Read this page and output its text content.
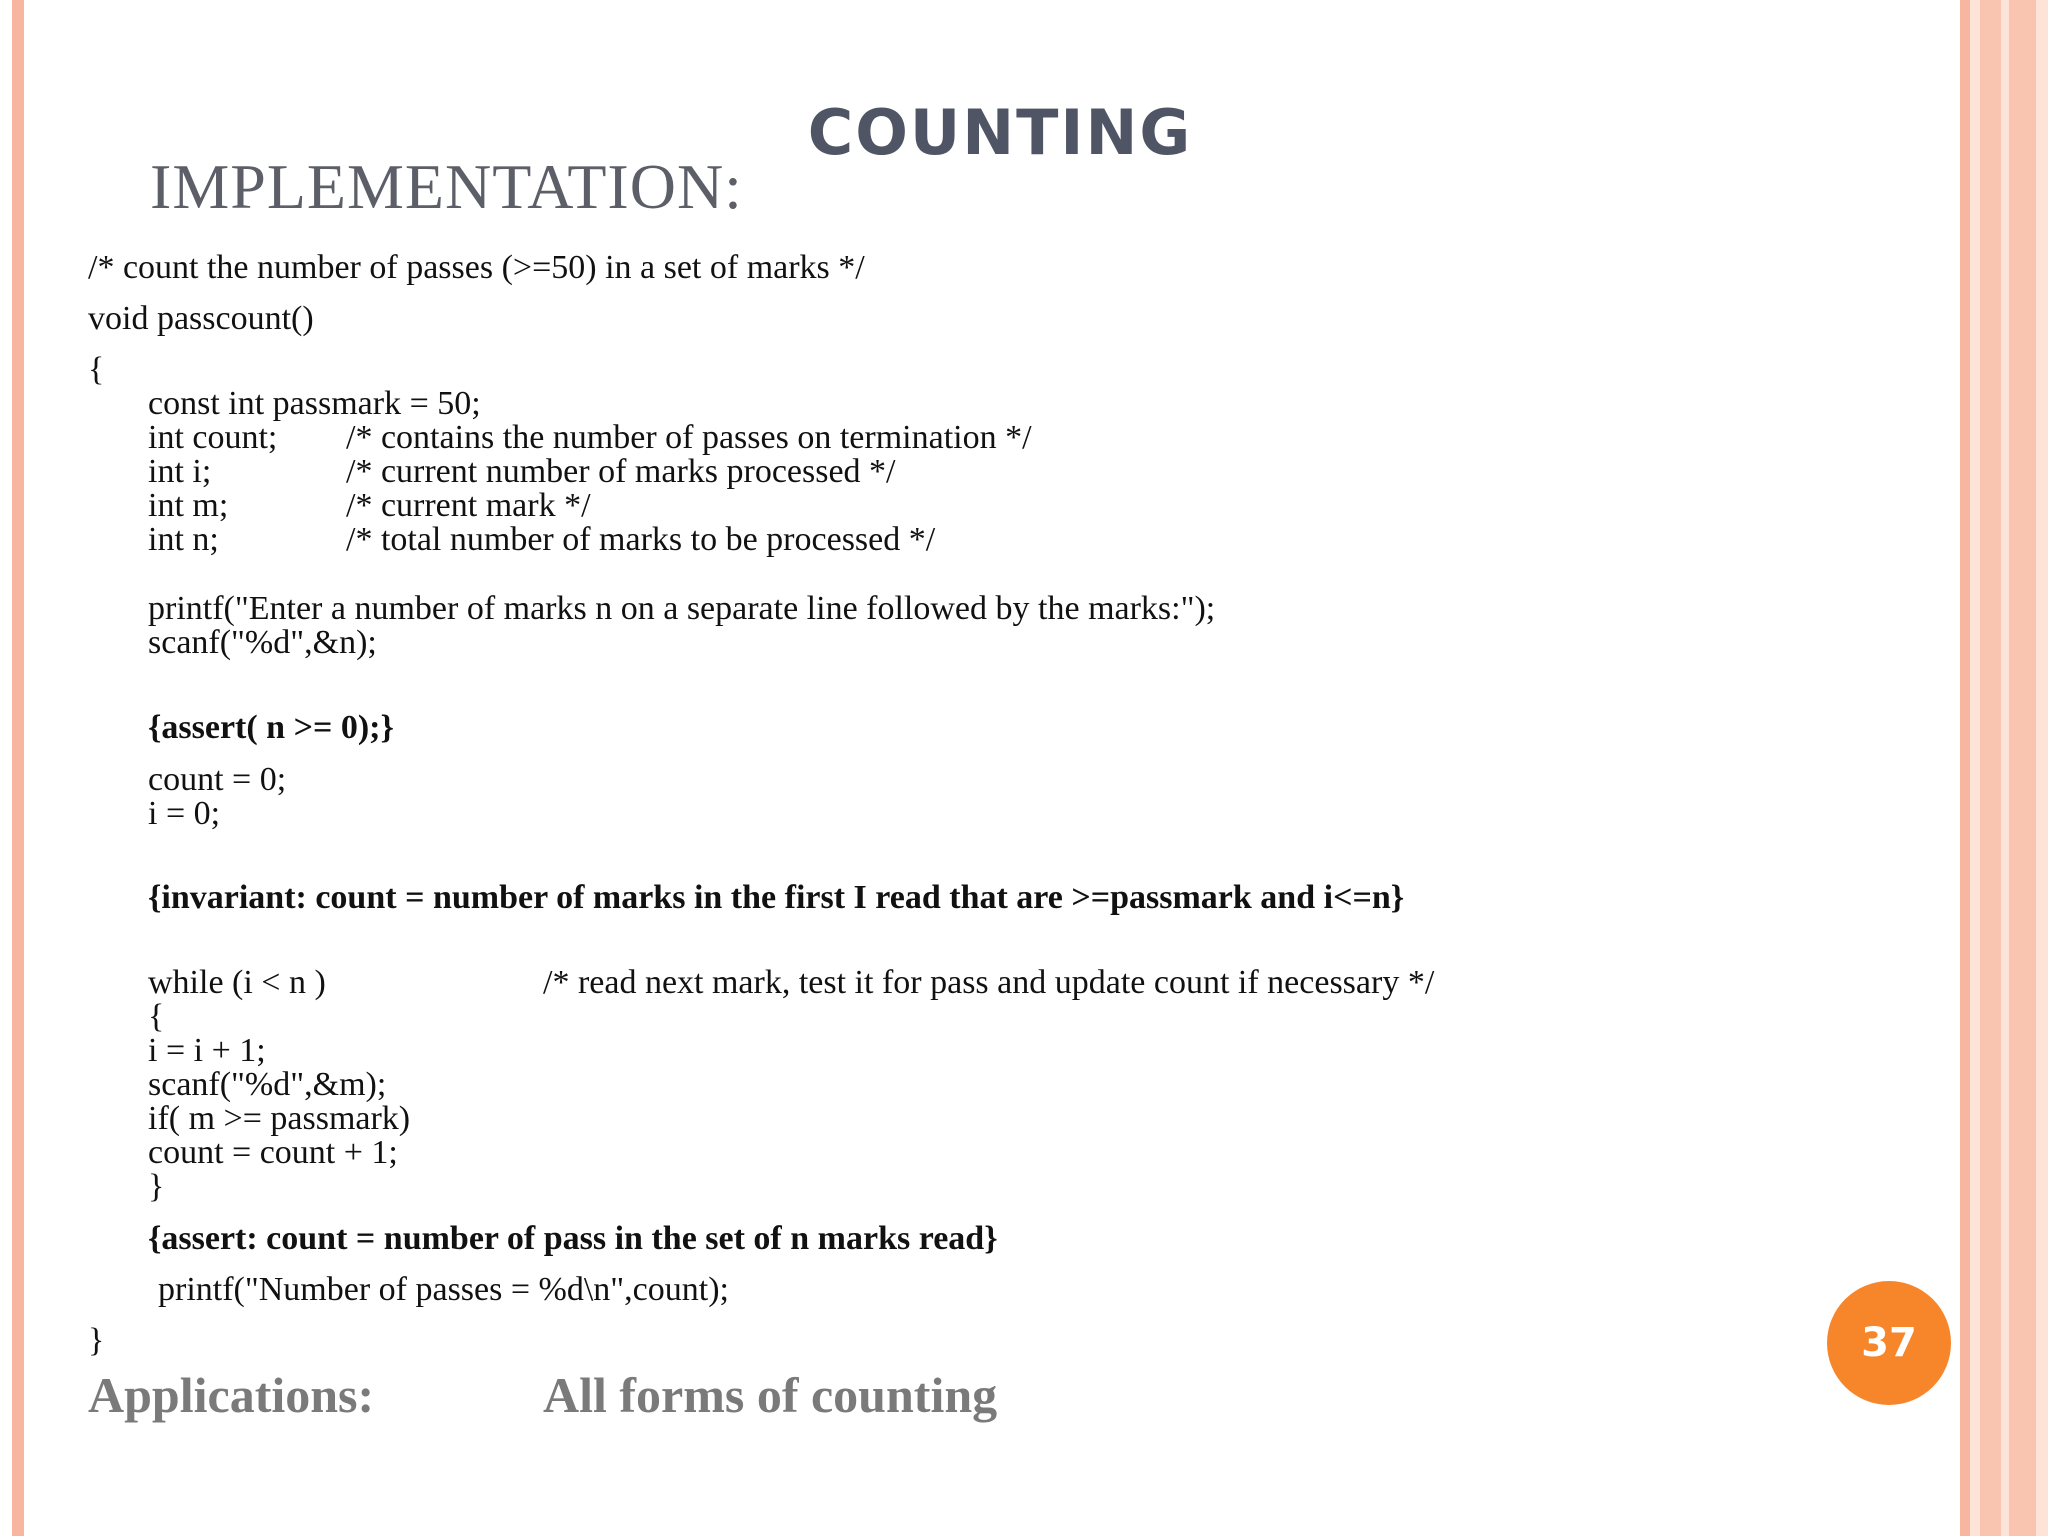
COUNTING
IMPLEMENTATION:
/* count the number of passes (>=50) in a set of marks */
void passcount()
{
const int passmark = 50;
int count; /* contains the number of passes on termination */
int i;	/* current number of marks processed */
int m;	/* current mark */
int n;	/* total number of marks to be processed */
printf("Enter a number of marks n on a separate line followed by the marks:");
scanf("%d",&n);
{assert( n >= 0);}
count = 0;
i = 0;
{invariant: count = number of marks in the first I read that are >=passmark and i<=n}
while (i < n )	/* read next mark, test it for pass and update count if necessary */
{
i = i + 1;
scanf("%d",&m);
if( m >= passmark)
count = count + 1;
}
{assert: count = number of pass in the set of n marks read}
printf("Number of passes = %d\n",count);
}
Applications:	All forms of counting
37
